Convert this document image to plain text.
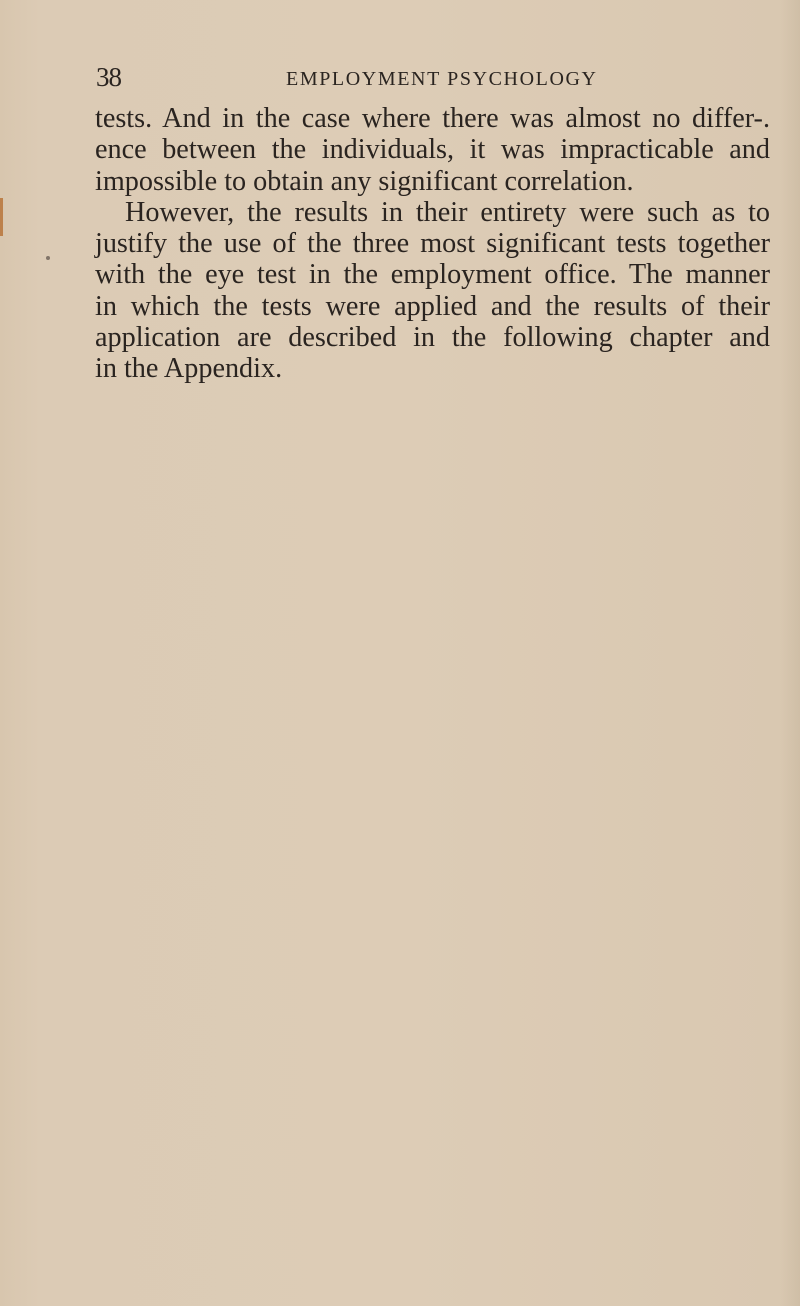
38	EMPLOYMENT PSYCHOLOGY
tests. And in the case where there was almost no differ-.
ence between the individuals, it was impracticable and
impossible to obtain any significant correlation.
However, the results in their entirety were such as to
justify the use of the three most significant tests together
with the eye test in the employment office. The manner
in which the tests were applied and the results of their
application are described in the following chapter and
in the Appendix.
